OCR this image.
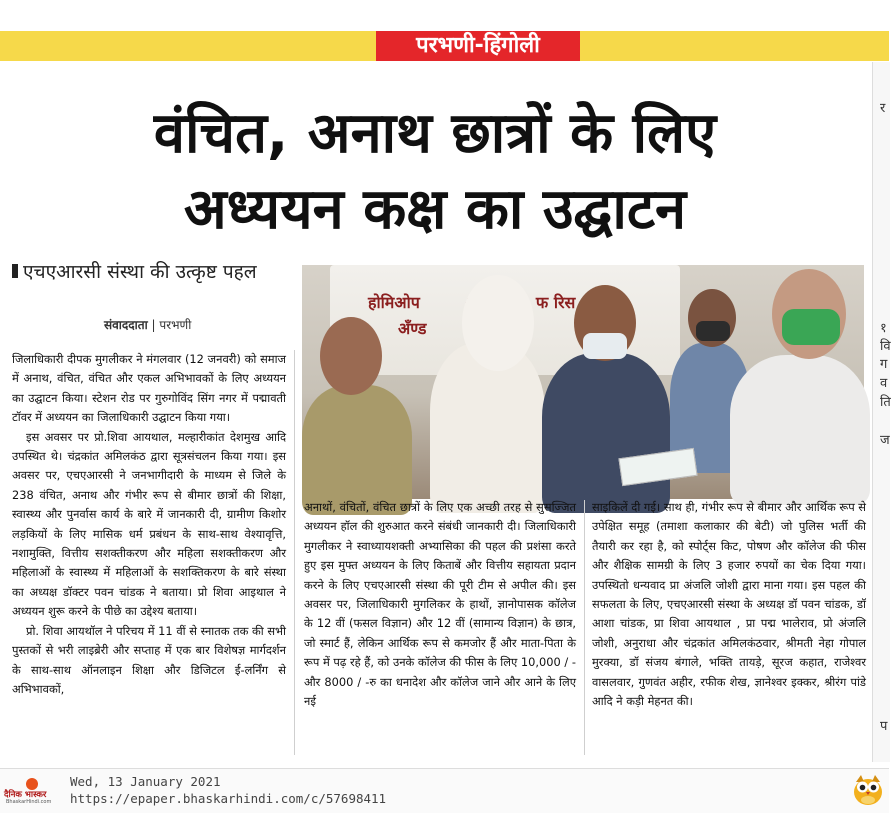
परभणी-हिंगोली
वंचित, अनाथ छात्रों के लिए
अध्ययन कक्ष का उद्घाटन
र
१
वि
ग
व
ति
ज
प
एचएआरसी संस्था की उत्कृष्ट पहल
संवाददाता | परभणी

जिलाधिकारी दीपक मुगलीकर ने मंगलवार (12 जनवरी) को समाज में अनाथ, वंचित, वंचित और एकल अभिभावकों के लिए अध्ययन का उद्घाटन किया। स्टेशन रोड पर गुरुगोविंद सिंग नगर में पद्मावती टॉवर में अध्ययन का जिलाधिकारी उद्घाटन किया गया।

इस अवसर पर प्रो.शिवा आयथाल, मल्हारीकांत देशमुख आदि उपस्थित थे। चंद्रकांत अमिलकंठ द्वारा सूत्रसंचलन किया गया। इस अवसर पर, एचएआरसी ने जनभागीदारी के माध्यम से जिले के 238 वंचित, अनाथ और गंभीर रूप से बीमार छात्रों की शिक्षा, स्वास्थ्य और पुनर्वास कार्य के बारे में जानकारी दी, ग्रामीण किशोर लड़कियों के लिए मासिक धर्म प्रबंधन के साथ-साथ वेश्यावृत्ति, नशामुक्ति, वित्तीय सशक्तीकरण और महिला सशक्तीकरण और महिलाओं के स्वास्थ्य में महिलाओं के सशक्तिकरण के बारे संस्था का अध्यक्ष डॉक्टर पवन चांडक ने बताया। प्रो शिवा आइथाल ने अध्ययन शुरू करने के पीछे का उद्देश्य बताया।

प्रो. शिवा आयथॉल ने परिचय में 11 वीं से स्नातक तक की सभी पुस्तकों से भरी लाइब्रेरी और सप्ताह में एक बार विशेषज्ञ मार्गदर्शन के साथ-साथ ऑनलाइन शिक्षा और डिजिटल ई-लर्निंग से अभिभावकों,

होमिओप	फ रिस
अँण्ड

अनाथों, वंचितों, वंचित छात्रों के लिए एक अच्छी तरह से सुसज्जित अध्ययन हॉल की शुरुआत करने संबंधी जानकारी दी। जिलाधिकारी मुगलीकर ने स्वाध्यायशक्ती अभ्यासिका की पहल की प्रशंसा करते हुए इस मुफ्त अध्ययन के लिए किताबें और वित्तीय सहायता प्रदान करने के लिए एचएआरसी संस्था की पूरी टीम से अपील की। इस अवसर पर, जिलाधिकारी मुगलिकर के हाथों, ज्ञानोपासक कॉलेज के 12 वीं (फसल विज्ञान) और 12 वीं (सामान्य विज्ञान) के छात्र, जो स्मार्ट हैं, लेकिन आर्थिक रूप से कमजोर हैं और माता-पिता के रूप में पढ़ रहे हैं, को उनके कॉलेज की फीस के लिए 10,000 / - और 8000 / -रु का धनादेश और कॉलेज जाने और आने के लिए नई

साइकिलें दी गई। साथ ही, गंभीर रूप से बीमार और आर्थिक रूप से उपेक्षित समूह (तमाशा कलाकार की बेटी) जो पुलिस भर्ती की तैयारी कर रहा है, को स्पोर्ट्स किट, पोषण और कॉलेज की फीस और शैक्षिक सामग्री के लिए 3 हजार रुपयों का चेक दिया गया। उपस्थितो धन्यवाद प्रा अंजलि जोशी द्वारा माना गया। इस पहल की सफलता के लिए, एचएआरसी संस्था के अध्यक्ष डॉ पवन चांडक, डॉ आशा चांडक, प्रा शिवा आयथाल , प्रा पद्म भालेराव, प्रो अंजलि जोशी, अनुराधा और चंद्रकांत अमिलकंठवार, श्रीमती नेहा गोपाल मुरक्या, डॉ संजय बंगाले, भक्ति तायड़े, सूरज कहात, राजेश्वर वासलवार, गुणवंत अहीर, रफीक शेख, ज्ञानेश्वर इक्कर, श्रीरंग पांडे आदि ने कड़ी मेहनत की।

दैनिक भास्कर
BhaskarHindi.com
Wed, 13 January 2021
https://epaper.bhaskarhindi.com/c/57698411
